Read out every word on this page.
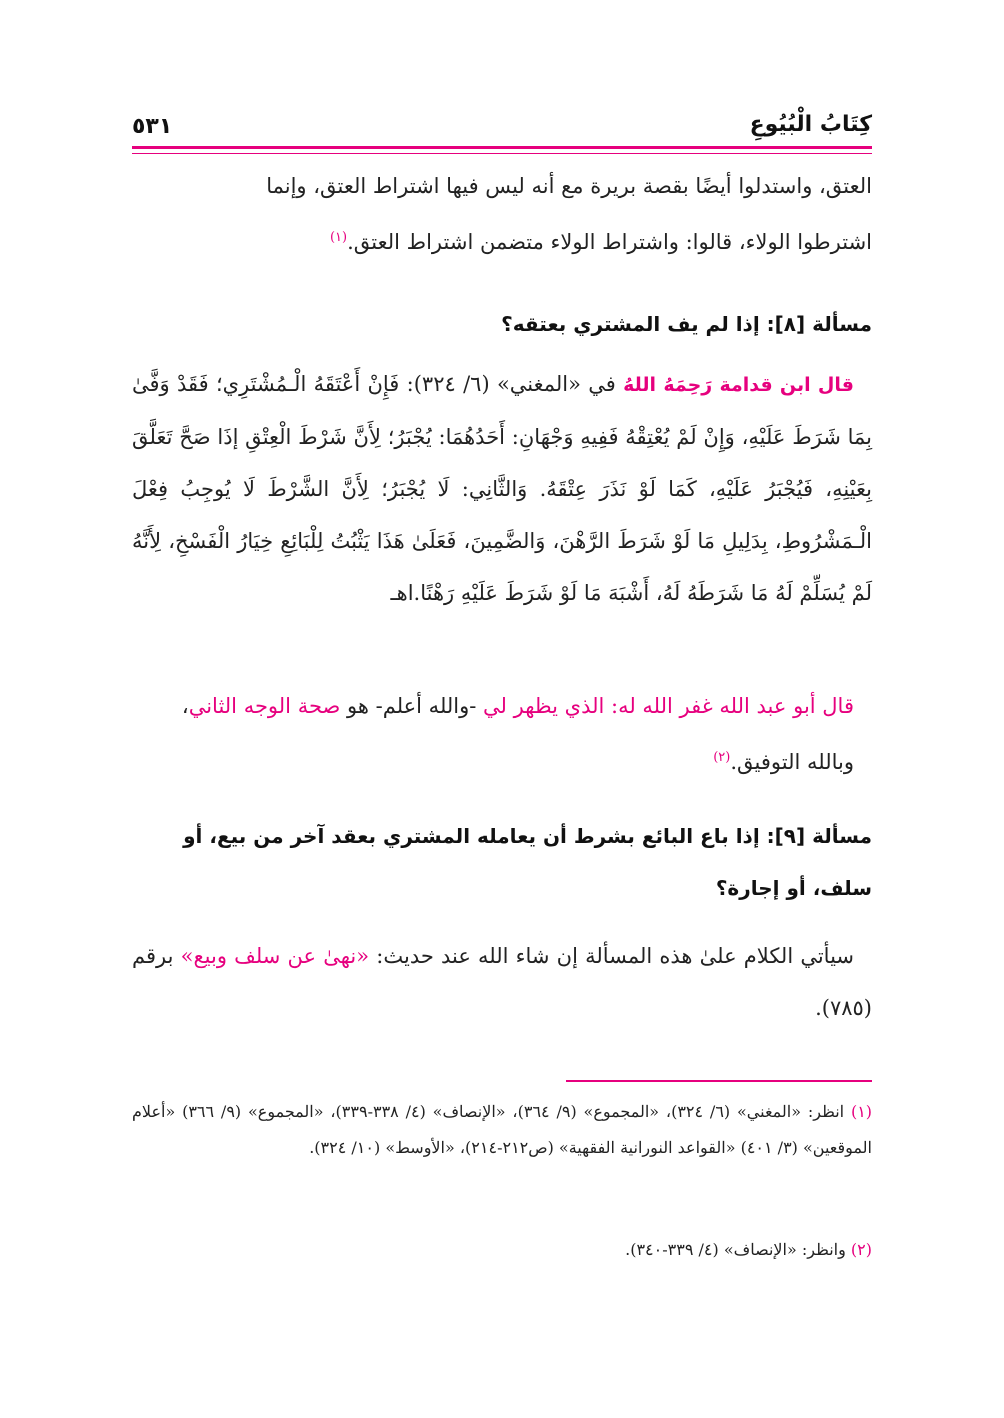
كِتَابُ الْبُيُوعِ
٥٣١
العتق، واستدلوا أيضًا بقصة بريرة مع أنه ليس فيها اشتراط العتق، وإنما
اشترطوا الولاء، قالوا: واشتراط الولاء متضمن اشتراط العتق.$^{(١)}$
مسألة [٨]: إذا لم يف المشتري بعتقه؟
قال ابن قدامة رَحِمَهُ اللهُ في «المغني» (٦/ ٣٢٤): فَإِنْ أَعْتَقَهُ الْـمُشْتَرِي؛ فَقَدْ وَفَّىٰ بِمَا شَرَطَ عَلَيْهِ، وَإِنْ لَمْ يُعْتِقْهُ فَفِيهِ وَجْهَانِ: أَحَدُهُمَا: يُجْبَرُ؛ لِأَنَّ شَرْطَ الْعِتْقِ إذَا صَحَّ تَعَلَّقَ بِعَيْنِهِ، فَيُجْبَرُ عَلَيْهِ، كَمَا لَوْ نَذَرَ عِتْقَهُ. وَالثَّانِي: لَا يُجْبَرُ؛ لِأَنَّ الشَّرْطَ لَا يُوجِبُ فِعْلَ الْـمَشْرُوطِ، بِدَلِيلِ مَا لَوْ شَرَطَ الرَّهْنَ، وَالضَّمِينَ، فَعَلَىٰ هَذَا يَثْبُتُ لِلْبَائِعِ خِيَارُ الْفَسْخِ، لِأَنَّهُ لَمْ يُسَلِّمْ لَهُ مَا شَرَطَهُ لَهُ، أَشْبَهَ مَا لَوْ شَرَطَ عَلَيْهِ رَهْنًا.اهـ
قال أبو عبد الله غفر الله له: الذي يظهر لي -والله أعلم- هو صحة الوجه الثاني،
وبالله التوفيق.$^{(٢)}$
مسألة [٩]: إذا باع البائع بشرط أن يعامله المشتري بعقد آخر من بيع، أو سلف، أو إجارة؟
سيأتي الكلام علىٰ هذه المسألة إن شاء الله عند حديث: «نهىٰ عن سلف وبيع» برقم (٧٨٥).
(١) انظر: «المغني» (٦/ ٣٢٤)، «المجموع» (٩/ ٣٦٤)، «الإنصاف» (٤/ ٣٣٨-٣٣٩)، «المجموع» (٩/ ٣٦٦) «أعلام الموقعين» (٣/ ٤٠١) «القواعد النورانية الفقهية» (ص٢١٢-٢١٤)، «الأوسط» (١٠/ ٣٢٤).
(٢) وانظر: «الإنصاف» (٤/ ٣٣٩-٣٤٠).
